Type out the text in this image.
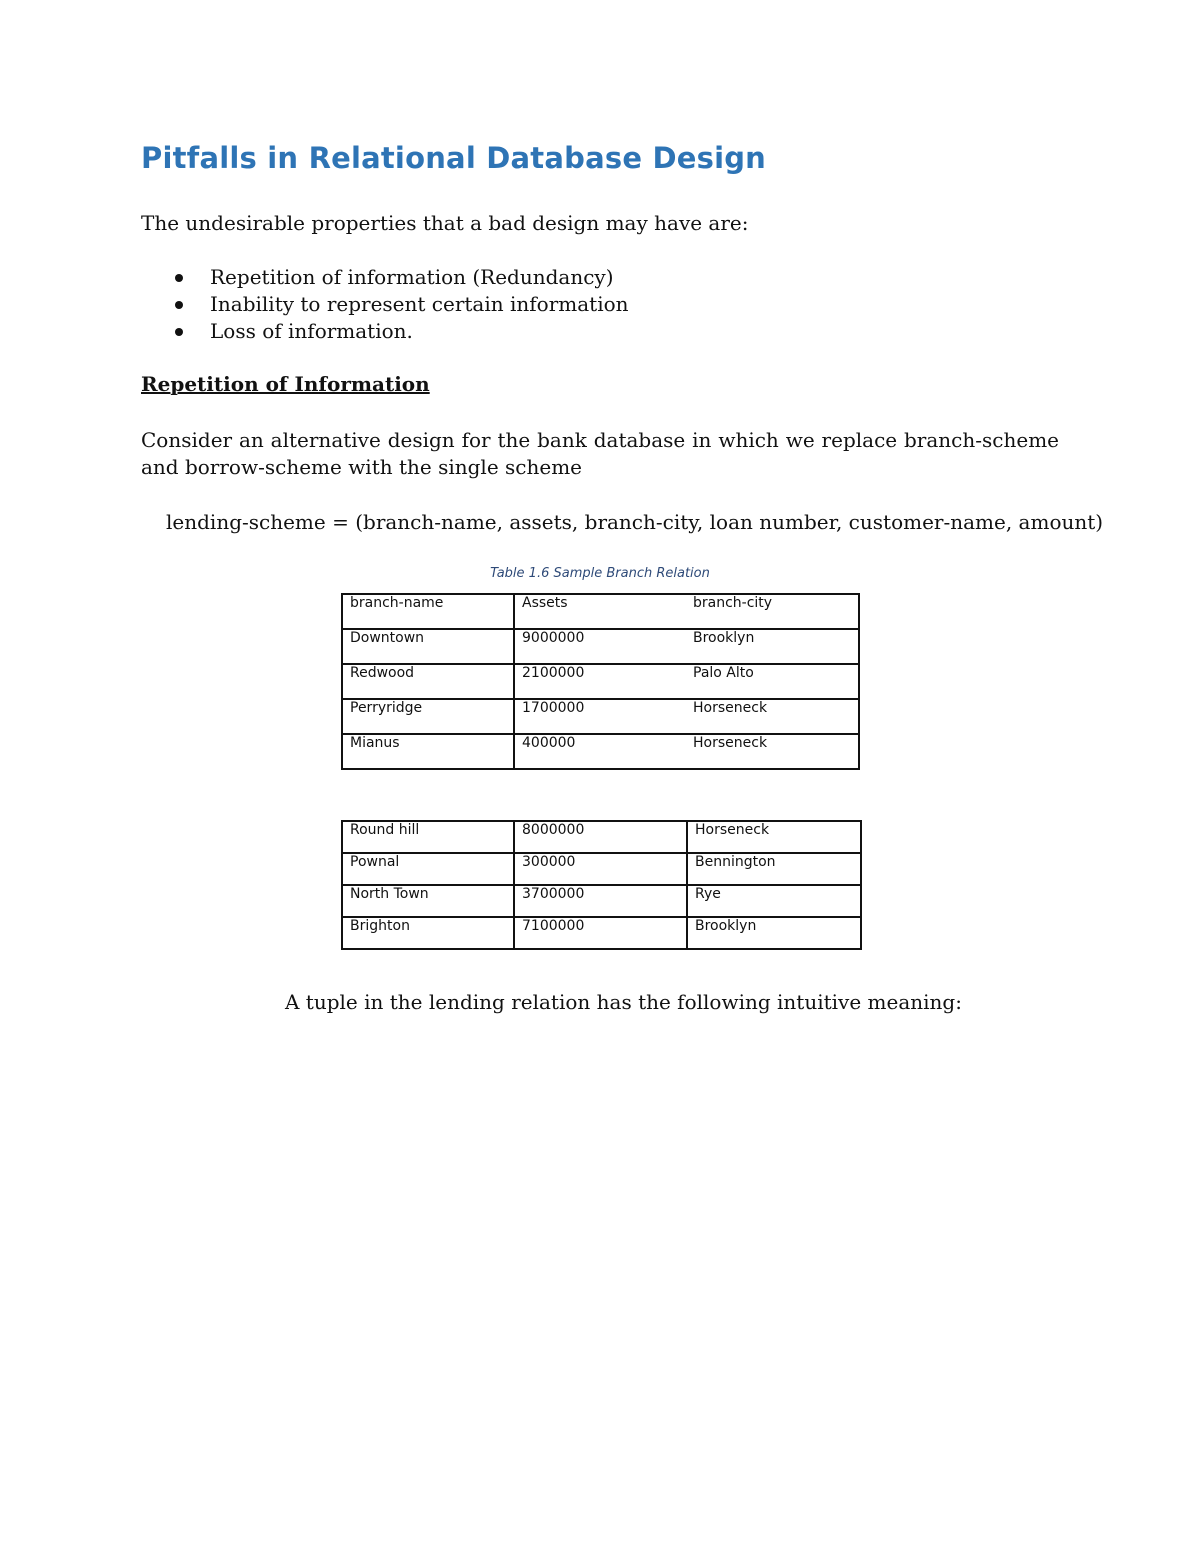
Pitfalls in Relational Database Design

The undesirable properties that a bad design may have are:

Repetition of information (Redundancy)
Inability to represent certain information
Loss of information.
Repetition of Information

Consider an alternative design for the bank database in which we replace branch-scheme and borrow-scheme with the single scheme

lending-scheme = (branch-name, assets, branch-city, loan number, customer-name, amount)

Table 1.6 Sample Branch Relation

branch-name	Assets	branch-city
Downtown	9000000	Brooklyn
Redwood	2100000	Palo Alto
Perryridge	1700000	Horseneck
Mianus	400000	Horseneck
Round hill	8000000	Horseneck
Pownal	300000	Bennington
North Town	3700000	Rye
Brighton	7100000	Brooklyn

A tuple in the lending relation has the following intuitive meaning:
